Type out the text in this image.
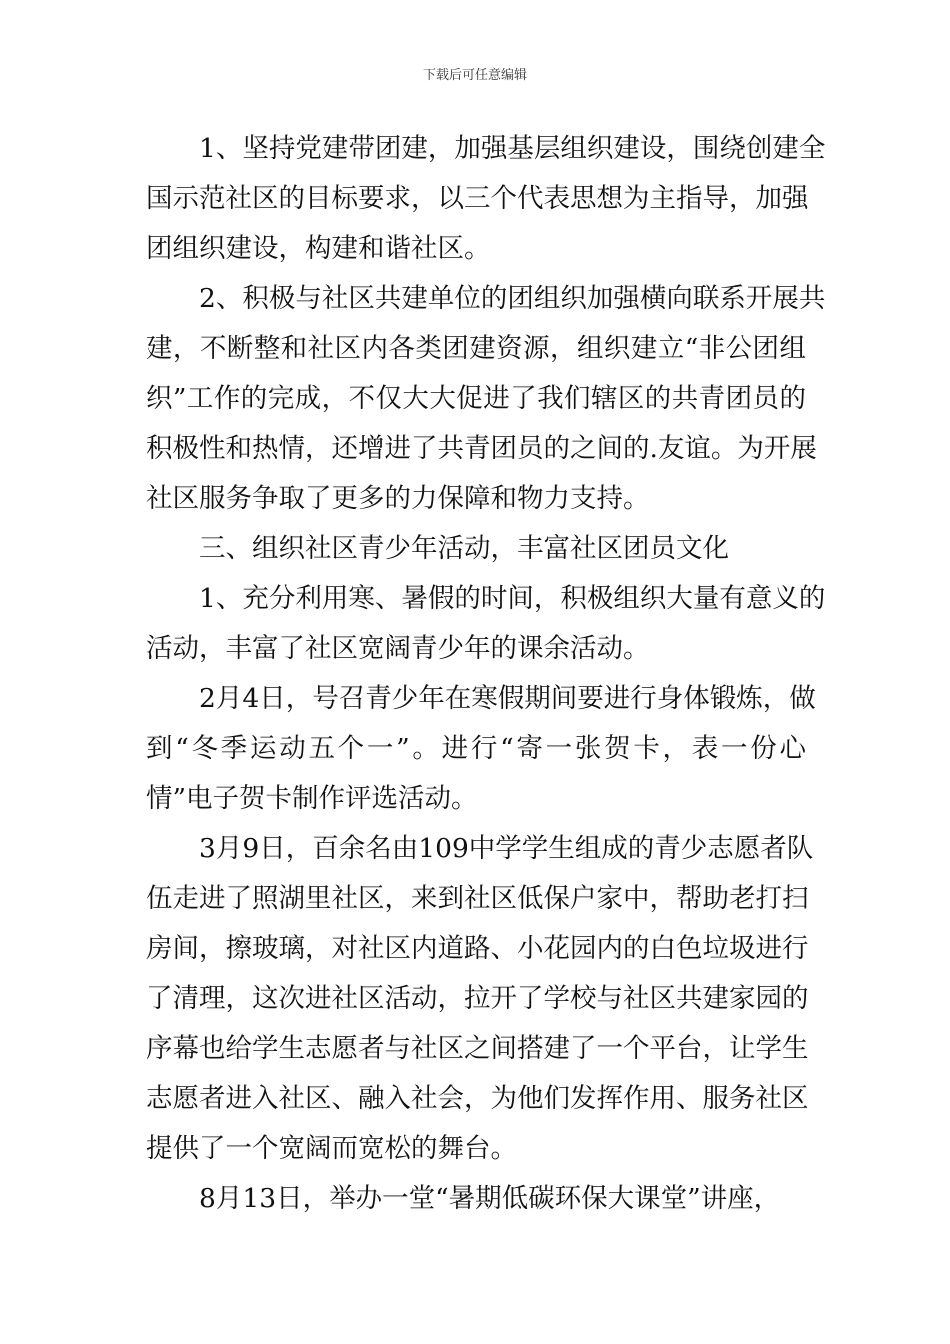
下载后可任意编辑
1、坚持党建带团建，加强基层组织建设，围绕创建全
国示范社区的目标要求，以三个代表思想为主指导，加强
团组织建设，构建和谐社区。
2、积极与社区共建单位的团组织加强横向联系开展共
建，不断整和社区内各类团建资源，组织建立“非公团组
织”工作的完成，不仅大大促进了我们辖区的共青团员的
积极性和热情，还增进了共青团员的之间的.友谊。为开展
社区服务争取了更多的力保障和物力支持。
三、组织社区青少年活动，丰富社区团员文化
1、充分利用寒、暑假的时间，积极组织大量有意义的
活动，丰富了社区宽阔青少年的课余活动。
2月4日，号召青少年在寒假期间要进行身体锻炼，做
到“冬季运动五个一”。进行“寄一张贺卡，表一份心
情”电子贺卡制作评选活动。
3月9日，百余名由109中学学生组成的青少志愿者队
伍走进了照湖里社区，来到社区低保户家中，帮助老打扫
房间，擦玻璃，对社区内道路、小花园内的白色垃圾进行
了清理，这次进社区活动，拉开了学校与社区共建家园的
序幕也给学生志愿者与社区之间搭建了一个平台，让学生
志愿者进入社区、融入社会，为他们发挥作用、服务社区
提供了一个宽阔而宽松的舞台。
8月13日，举办一堂“暑期低碳环保大课堂”讲座，
